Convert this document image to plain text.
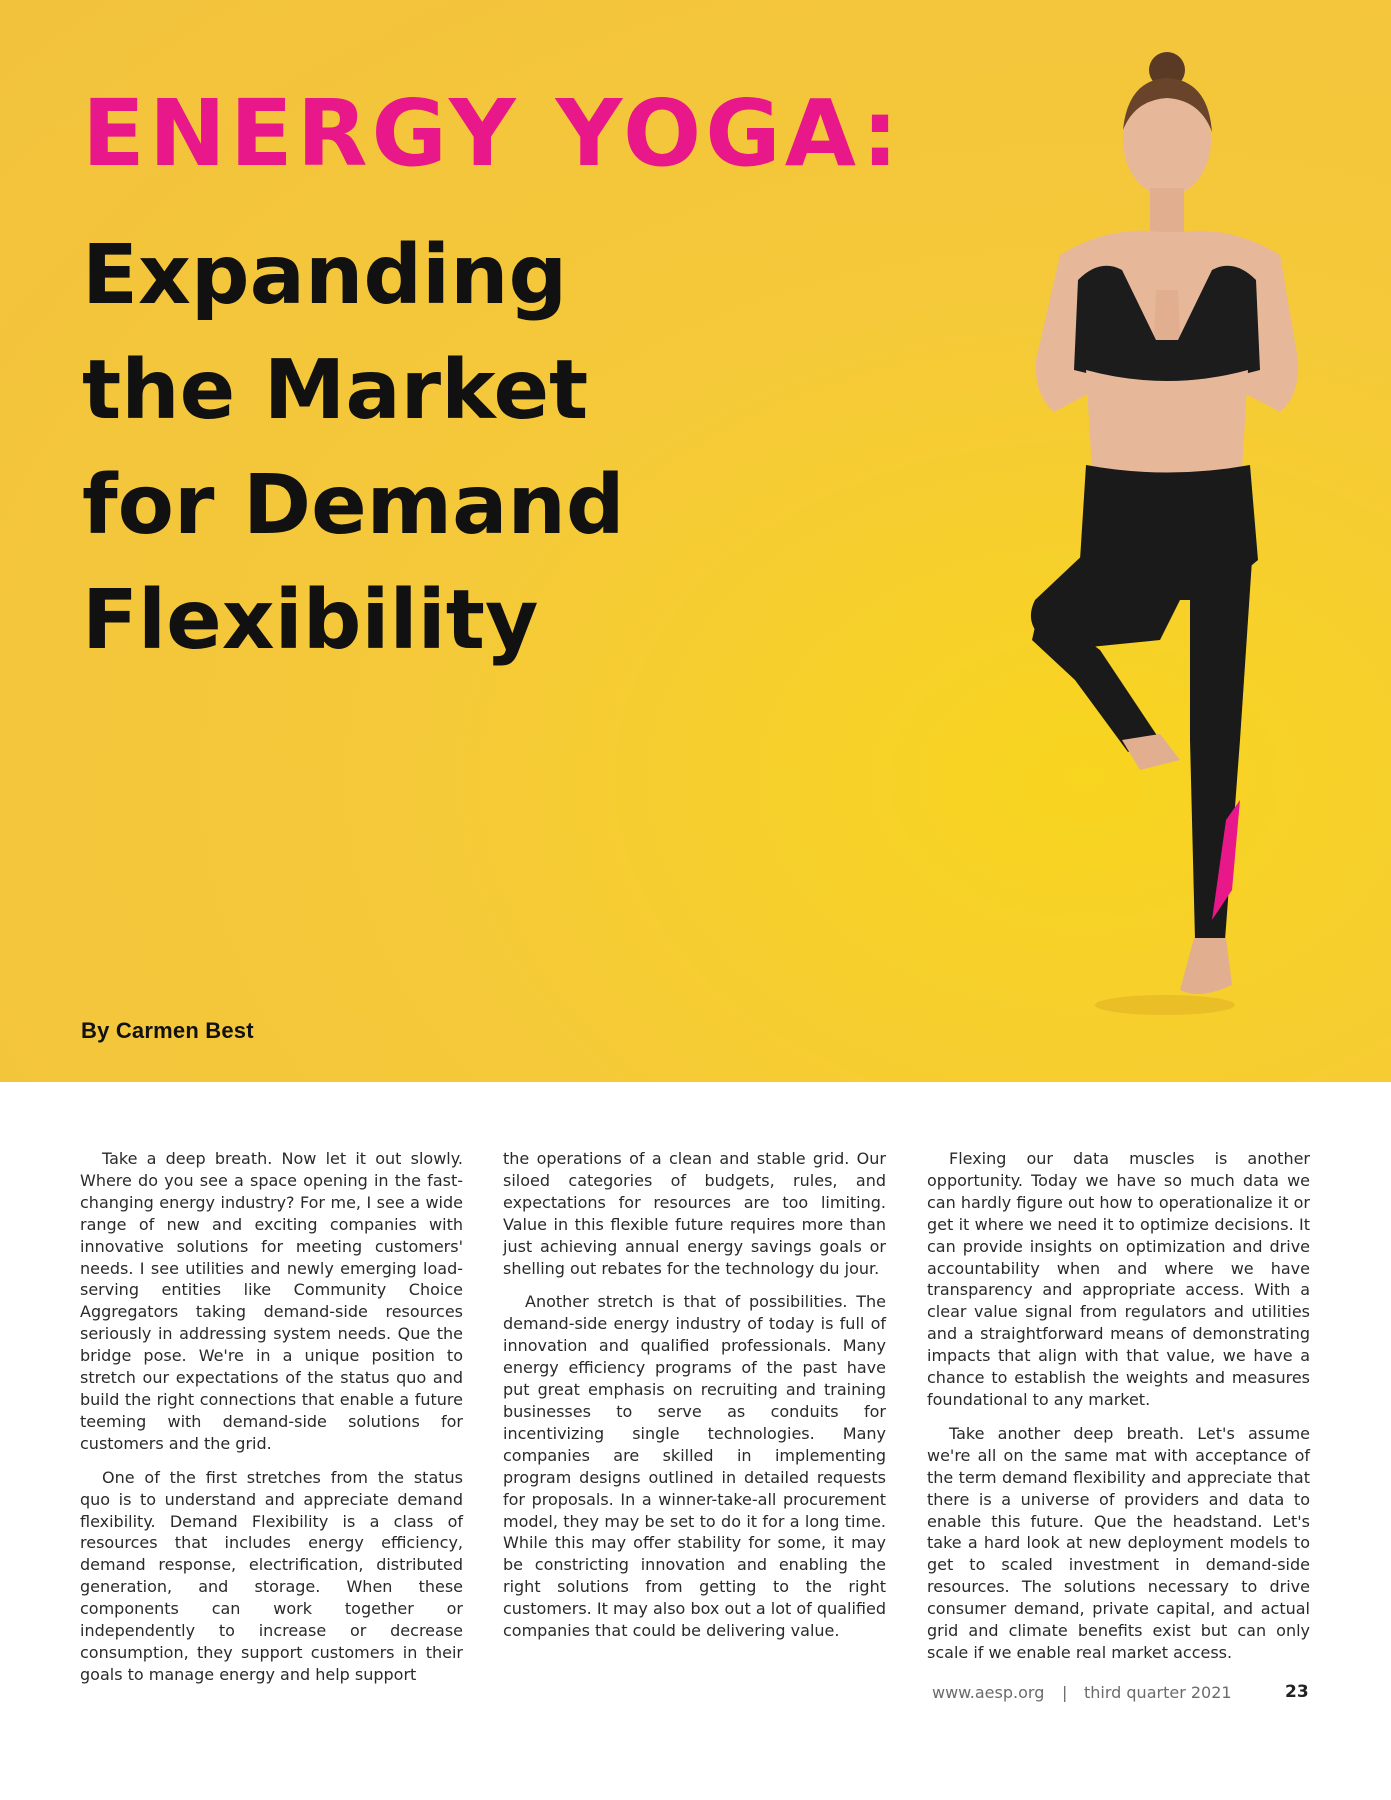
ENERGY YOGA:
Expanding
the Market
for Demand
Flexibility
By Carmen Best

Take a deep breath. Now let it out slowly. Where do you see a space opening in the fast-changing energy industry? For me, I see a wide range of new and exciting companies with innovative solutions for meeting customers' needs. I see utilities and newly emerging load-serving entities like Community Choice Aggregators taking demand-side resources seriously in addressing system needs. Que the bridge pose. We're in a unique position to stretch our expectations of the status quo and build the right connections that enable a future teeming with demand-side solutions for customers and the grid.

One of the first stretches from the status quo is to understand and appreciate demand flexibility. Demand Flexibility is a class of resources that includes energy efficiency, demand response, electrification, distributed generation, and storage. When these components can work together or independently to increase or decrease consumption, they support customers in their goals to manage energy and help support

the operations of a clean and stable grid. Our siloed categories of budgets, rules, and expectations for resources are too limiting. Value in this flexible future requires more than just achieving annual energy savings goals or shelling out rebates for the technology du jour.

Another stretch is that of possibilities. The demand-side energy industry of today is full of innovation and qualified professionals. Many energy efficiency programs of the past have put great emphasis on recruiting and training businesses to serve as conduits for incentivizing single technologies. Many companies are skilled in implementing program designs outlined in detailed requests for proposals. In a winner-take-all procurement model, they may be set to do it for a long time. While this may offer stability for some, it may be constricting innovation and enabling the right solutions from getting to the right customers. It may also box out a lot of qualified companies that could be delivering value.

Flexing our data muscles is another opportunity. Today we have so much data we can hardly figure out how to operationalize it or get it where we need it to optimize decisions. It can provide insights on optimization and drive accountability when and where we have transparency and appropriate access. With a clear value signal from regulators and utilities and a straightforward means of demonstrating impacts that align with that value, we have a chance to establish the weights and measures foundational to any market.

Take another deep breath. Let's assume we're all on the same mat with acceptance of the term demand flexibility and appreciate that there is a universe of providers and data to enable this future. Que the headstand. Let's take a hard look at new deployment models to get to scaled investment in demand-side resources. The solutions necessary to drive consumer demand, private capital, and actual grid and climate benefits exist but can only scale if we enable real market access.

www.aesp.org | third quarter 2021	23
